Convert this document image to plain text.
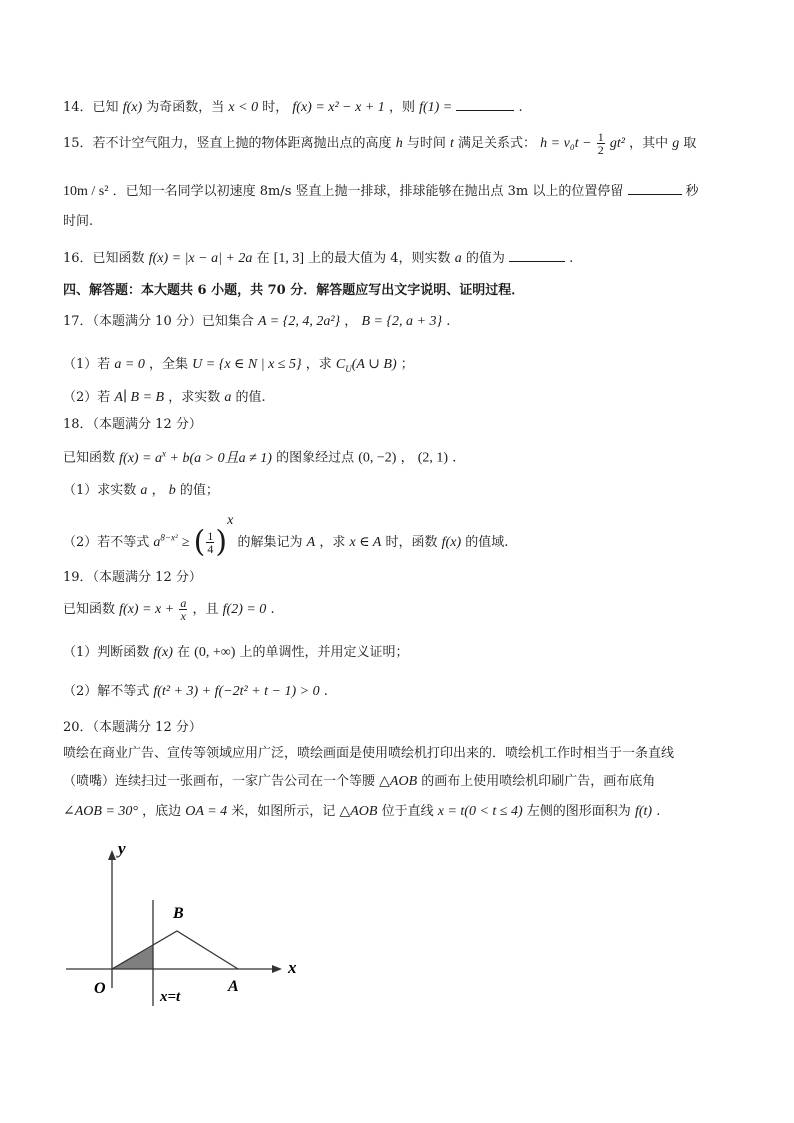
14．已知 f(x) 为奇函数，当 x < 0 时， f(x) = x² − x + 1 ，则 f(1) =	.
15．若不计空气阻力，竖直上抛的物体距离抛出点的高度 h 与时间 t 满足关系式： $h = v_0t - \frac{1}{2} gt^2$ ，其中 g 取
10m / s² ．已知一名同学以初速度 8m/s 竖直上抛一排球，排球能够在抛出点 3m 以上的位置停留	秒
时间.
16．已知函数 f(x) = |x − a| + 2a 在 [1, 3] 上的最大值为 4，则实数 a 的值为	.
四、解答题：本大题共 6 小题，共 70 分．解答题应写出文字说明、证明过程．
17．（本题满分 10 分）已知集合 A = {2, 4, 2a²} ， B = {2, a + 3} .
（1）若 a = 0 ，全集 U = {x ∈ N | x ≤ 5} ，求 $C_U(A$ ∪ B) ；
（2）若 A∣ B = B ，求实数 a 的值.
18．（本题满分 12 分）
已知函数 $f(x) = a^x + b(a > 0$且a ≠ 1) 的图象经过点 (0, −2) ， (2, 1) .
（1）求实数 a ， b 的值；
（2）若不等式 $a^{8-x^2}$ ≥ ( $\frac{1}{4} )^x$ 的解集记为 A ，求 x ∈ A 时，函数 f(x) 的值域.
19．（本题满分 12 分）
已知函数 $f(x) = x + \frac{a}{x}$ ，且 f(2) = 0 .
（1）判断函数 f(x) 在 (0, +∞) 上的单调性，并用定义证明；
（2）解不等式 f(t² + 3) + f(−2t² + t − 1) > 0 .
20．（本题满分 12 分）
喷绘在商业广告、宣传等领域应用广泛，喷绘画面是使用喷绘机打印出来的．喷绘机工作时相当于一条直线
（喷嘴）连续扫过一张画布，一家广告公司在一个等腰 △AOB 的画布上使用喷绘机印刷广告，画布底角
∠AOB = 30° ，底边 OA = 4 米，如图所示，记 △AOB 位于直线 x = t(0 < t ≤ 4) 左侧的图形面积为 f(t) .
y
x
O	A
B
x=t
